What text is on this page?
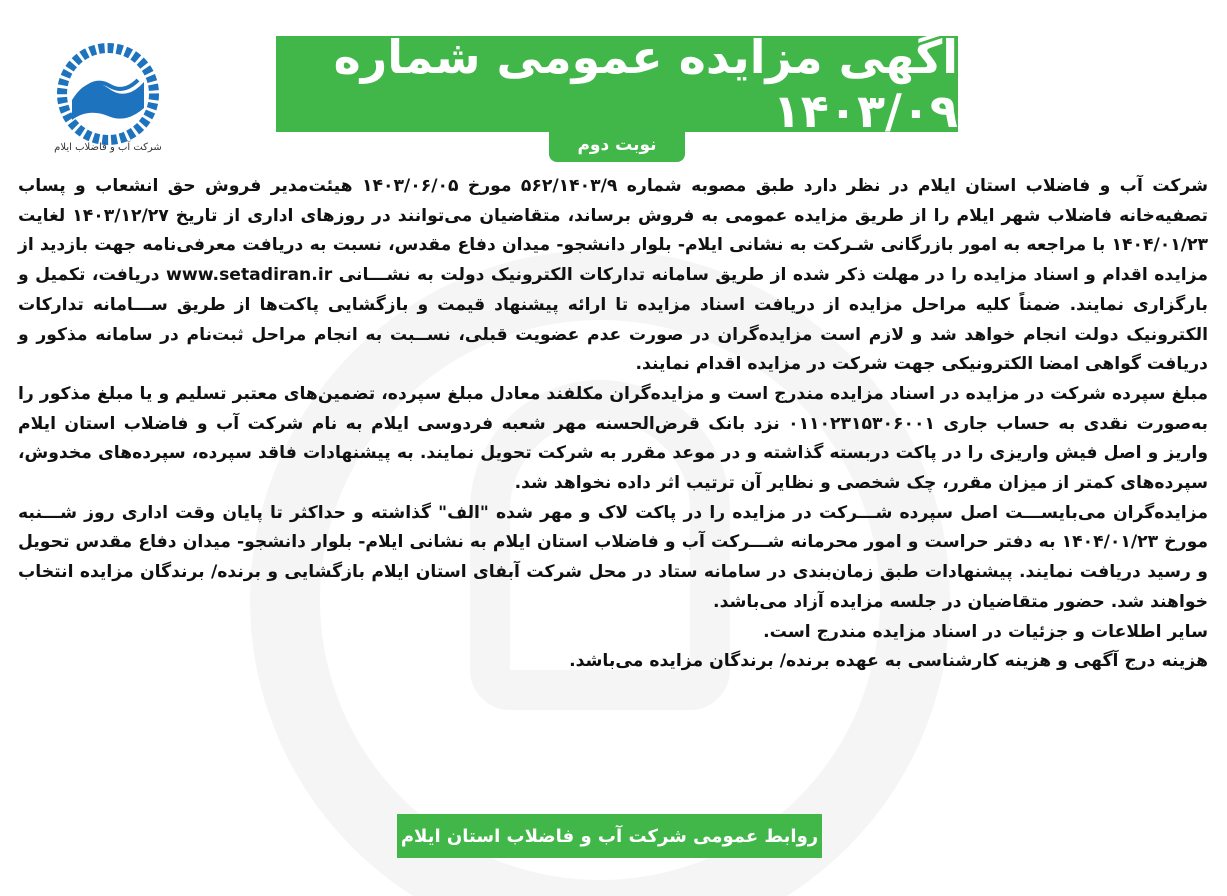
شرکت آب و فاضلاب ایلام
آگهی مزایده عمومی شماره ۱۴۰۳/۰۹
نوبت دوم

شرکت آب و فاضلاب استان ایلام در نظر دارد طبق مصوبه شماره ۵۶۲/۱۴۰۳/۹ مورخ ۱۴۰۳/۰۶/۰۵ هیئت‌مدیر فروش حق انشعاب و پساب تصفیه‌خانه فاضلاب شهر ایلام را از طریق مزایده عمومی به فروش برساند، متقاضیان می‌توانند در روزهای اداری از تاریخ ۱۴۰۳/۱۲/۲۷ لغایت ۱۴۰۴/۰۱/۲۳ با مراجعه به امور بازرگانی شـرکت به نشانی ایلام- بلوار دانشجو- میدان دفاع مقدس، نسبت به دریافت معرفی‌نامه جهت بازدید از مزایده اقدام و اسناد مزایده را در مهلت ذکر شده از طریق سامانه تدارکات الکترونیک دولت به نشـــانی www.setadiran.ir دریافت، تکمیل و بارگزاری نمایند. ضمناً کلیه مراحل مزایده از دریافت اسناد مزایده تا ارائه پیشنهاد قیمت و بازگشایی پاکت‌ها از طریق ســـامانه تدارکات الکترونیک دولت انجام خواهد شد و لازم است مزایده‌گران در صورت عدم عضویت قبلی، نســبت به انجام مراحل ثبت‌نام در سامانه مذکور و دریافت گواهی امضا الکترونیکی جهت شرکت در مزایده اقدام نمایند.

مبلغ سپرده شرکت در مزایده در اسناد مزایده مندرج است و مزایده‌گران مکلفند معادل مبلغ سپرده، تضمین‌های معتبر تسلیم و یا مبلغ مذکور را به‌صورت نقدی به حساب جاری ۰۱۱۰۲۳۱۵۳۰۶۰۰۱ نزد بانک قرض‌الحسنه مهر شعبه فردوسی ایلام به نام شرکت آب و فاضلاب استان ایلام واریز و اصل فیش واریزی را در پاکت دربسته گذاشته و در موعد مقرر به شرکت تحویل نمایند. به پیشنهادات فاقد سپرده، سپرده‌های مخدوش، سپرده‌های کمتر از میزان مقرر، چک شخصی و نظایر آن ترتیب اثر داده نخواهد شد.

مزایده‌گران می‌بایســـت اصل سپرده شـــرکت در مزایده را در پاکت لاک و مهر شده "الف" گذاشته و حداکثر تا پایان وقت اداری روز شـــنبه مورخ ۱۴۰۴/۰۱/۲۳ به دفتر حراست و امور محرمانه شـــرکت آب و فاضلاب استان ایلام به نشانی ایلام- بلوار دانشجو- میدان دفاع مقدس تحویل و رسید دریافت نمایند. پیشنهادات طبق زمان‌بندی در سامانه ستاد در محل شرکت آبفای استان ایلام بازگشایی و برنده/ برندگان مزایده انتخاب خواهند شد. حضور متقاضیان در جلسه مزایده آزاد می‌باشد.

سایر اطلاعات و جزئیات در اسناد مزایده مندرج است.

هزینه درج آگهی و هزینه کارشناسی به عهده برنده/ برندگان مزایده می‌باشد.

روابط عمومی شرکت آب و فاضلاب استان ایلام
